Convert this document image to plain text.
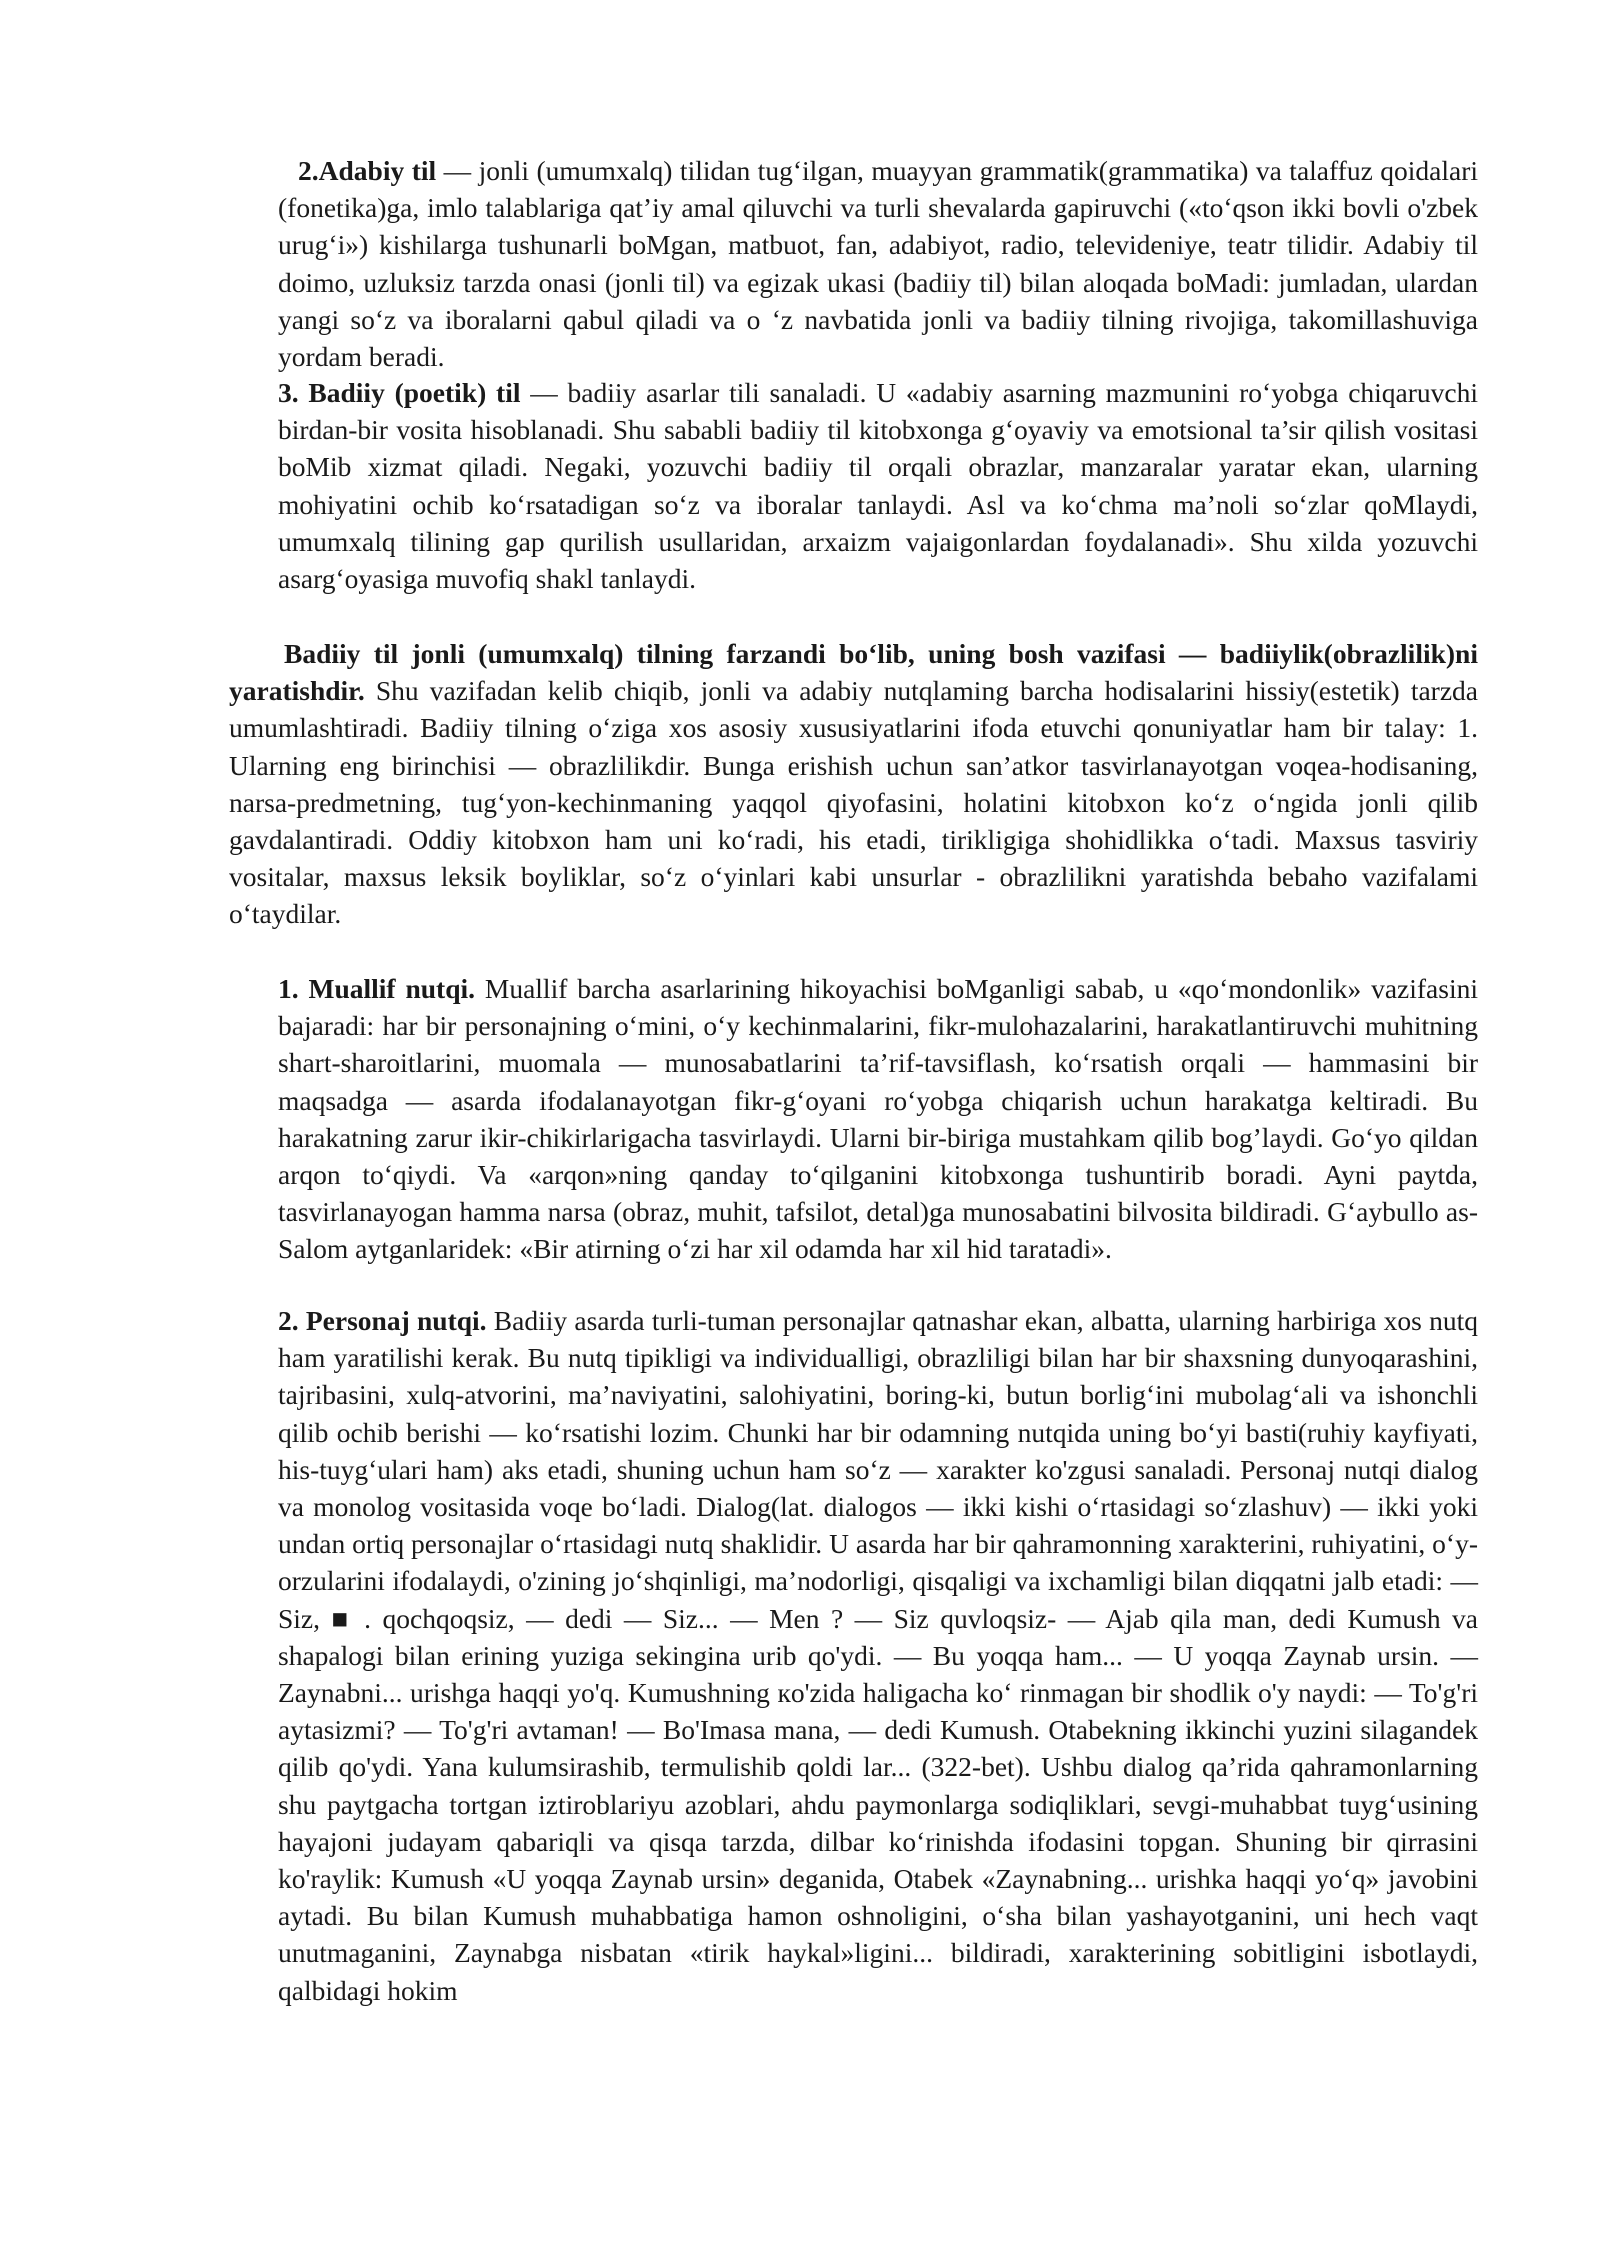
2.Adabiy til — jonli (umumxalq) tilidan tug‘ilgan, muayyan grammatik(grammatika) va talaffuz qoidalari (fonetika)ga, imlo talablariga qat’iy amal qiluvchi va turli shevalarda gapiruvchi («to‘qson ikki bovli o'zbek urug‘i») kishilarga tushunarli boMgan, matbuot, fan, adabiyot, radio, televideniye, teatr tilidir. Adabiy til doimo, uzluksiz tarzda onasi (jonli til) va egizak ukasi (badiiy til) bilan aloqada boMadi: jumladan, ulardan yangi so‘z va iboralarni qabul qiladi va o ‘z navbatida jonli va badiiy tilning rivojiga, takomillashuviga yordam beradi.

3. Badiiy (poetik) til — badiiy asarlar tili sanaladi. U «adabiy asarning mazmunini ro‘yobga chiqaruvchi birdan-bir vosita hisoblanadi. Shu sababli badiiy til kitobxonga g‘oyaviy va emotsional ta’sir qilish vositasi boMib xizmat qiladi. Negaki, yozuvchi badiiy til orqali obrazlar, manzaralar yaratar ekan, ularning mohiyatini ochib ko‘rsatadigan so‘z va iboralar tanlaydi. Asl va ko‘chma ma’noli so‘zlar qoMlaydi, umumxalq tilining gap qurilish usullaridan, arxaizm vajaigonlardan foydalanadi». Shu xilda yozuvchi asarg‘oyasiga muvofiq shakl tanlaydi.

Badiiy til jonli (umumxalq) tilning farzandi bo‘lib, uning bosh vazifasi — badiiylik(obrazlilik)ni yaratishdir. Shu vazifadan kelib chiqib, jonli va adabiy nutqlaming barcha hodisalarini hissiy(estetik) tarzda umumlashtiradi. Badiiy tilning o‘ziga xos asosiy xususiyatlarini ifoda etuvchi qonuniyatlar ham bir talay: 1. Ularning eng birinchisi — obrazlilikdir. Bunga erishish uchun san’atkor tasvirlanayotgan voqea-hodisaning, narsa-predmetning, tug‘yon-kechinmaning yaqqol qiyofasini, holatini kitobxon ko‘z o‘ngida jonli qilib gavdalantiradi. Oddiy kitobxon ham uni ko‘radi, his etadi, tirikligiga shohidlikka o‘tadi. Maxsus tasviriy vositalar, maxsus leksik boyliklar, so‘z o‘yinlari kabi unsurlar - obrazlilikni yaratishda bebaho vazifalami o‘taydilar.

1. Muallif nutqi. Muallif barcha asarlarining hikoyachisi boMganligi sabab, u «qo‘mondonlik» vazifasini bajaradi: har bir personajning o‘mini, o‘y kechinmalarini, fikr-mulohazalarini, harakatlantiruvchi muhitning shart-sharoitlarini, muomala — munosabatlarini ta’rif-tavsiflash, ko‘rsatish orqali — hammasini bir maqsadga — asarda ifodalanayotgan fikr-g‘oyani ro‘yobga chiqarish uchun harakatga keltiradi. Bu harakatning zarur ikir-chikirlarigacha tasvirlaydi. Ularni bir-biriga mustahkam qilib bog’laydi. Go‘yo qildan arqon to‘qiydi. Va «arqon»ning qanday to‘qilganini kitobxonga tushuntirib boradi. Ayni paytda, tasvirlanayogan hamma narsa (obraz, muhit, tafsilot, detal)ga munosabatini bilvosita bildiradi. G‘aybullo as-Salom aytganlaridek: «Bir atirning o‘zi har xil odamda har xil hid taratadi».

2. Personaj nutqi. Badiiy asarda turli-tuman personajlar qatnashar ekan, albatta, ularning harbiriga xos nutq ham yaratilishi kerak. Bu nutq tipikligi va individualligi, obrazliligi bilan har bir shaxsning dunyoqarashini, tajribasini, xulq-atvorini, ma’naviyatini, salohiyatini, boring-ki, butun borlig‘ini mubolag‘ali va ishonchli qilib ochib berishi — ko‘rsatishi lozim. Chunki har bir odamning nutqida uning bo‘yi basti(ruhiy kayfiyati, his-tuyg‘ulari ham) aks etadi, shuning uchun ham so‘z — xarakter ko'zgusi sanaladi. Personaj nutqi dialog va monolog vositasida voqe bo‘ladi. Dialog(lat. dialogos — ikki kishi o‘rtasidagi so‘zlashuv) — ikki yoki undan ortiq personajlar o‘rtasidagi nutq shaklidir. U asarda har bir qahramonning xarakterini, ruhiyatini, o‘y-orzularini ifodalaydi, o'zining jo‘shqinligi, ma’nodorligi, qisqaligi va ixchamligi bilan diqqatni jalb etadi: — Siz, ■ . qochqoqsiz, — dedi — Siz... — Men ? — Siz quvloqsiz- — Ajab qila man, dedi Kumush va shapalogi bilan erining yuziga sekingina urib qo'ydi. — Bu yoqqa ham... — U yoqqa Zaynab ursin. — Zaynabni... urishga haqqi yo'q. Kumushning кo'zida haligacha ko‘ rinmagan bir shodlik o'y naydi: — To'g'ri aytasizmi? — To'g'ri avtaman! — Bo'Imasa mana, — dedi Kumush. Otabekning ikkinchi yuzini silagandek qilib qo'ydi. Yana kulumsirashib, termulishib qoldi lar... (322-bet). Ushbu dialog qa’rida qahramonlarning shu paytgacha tortgan iztiroblariyu azoblari, ahdu paymonlarga sodiqliklari, sevgi-muhabbat tuyg‘usining hayajoni judayam qabariqli va qisqa tarzda, dilbar ko‘rinishda ifodasini topgan. Shuning bir qirrasini ko'raylik: Kumush «U yoqqa Zaynab ursin» deganida, Otabek «Zaynabning... urishka haqqi yo‘q» javobini aytadi. Bu bilan Kumush muhabbatiga hamon oshnoligini, o‘sha bilan yashayotganini, uni hech vaqt unutmaganini, Zaynabga nisbatan «tirik haykal»ligini... bildiradi, xarakterining sobitligini isbotlaydi, qalbidagi hokim
